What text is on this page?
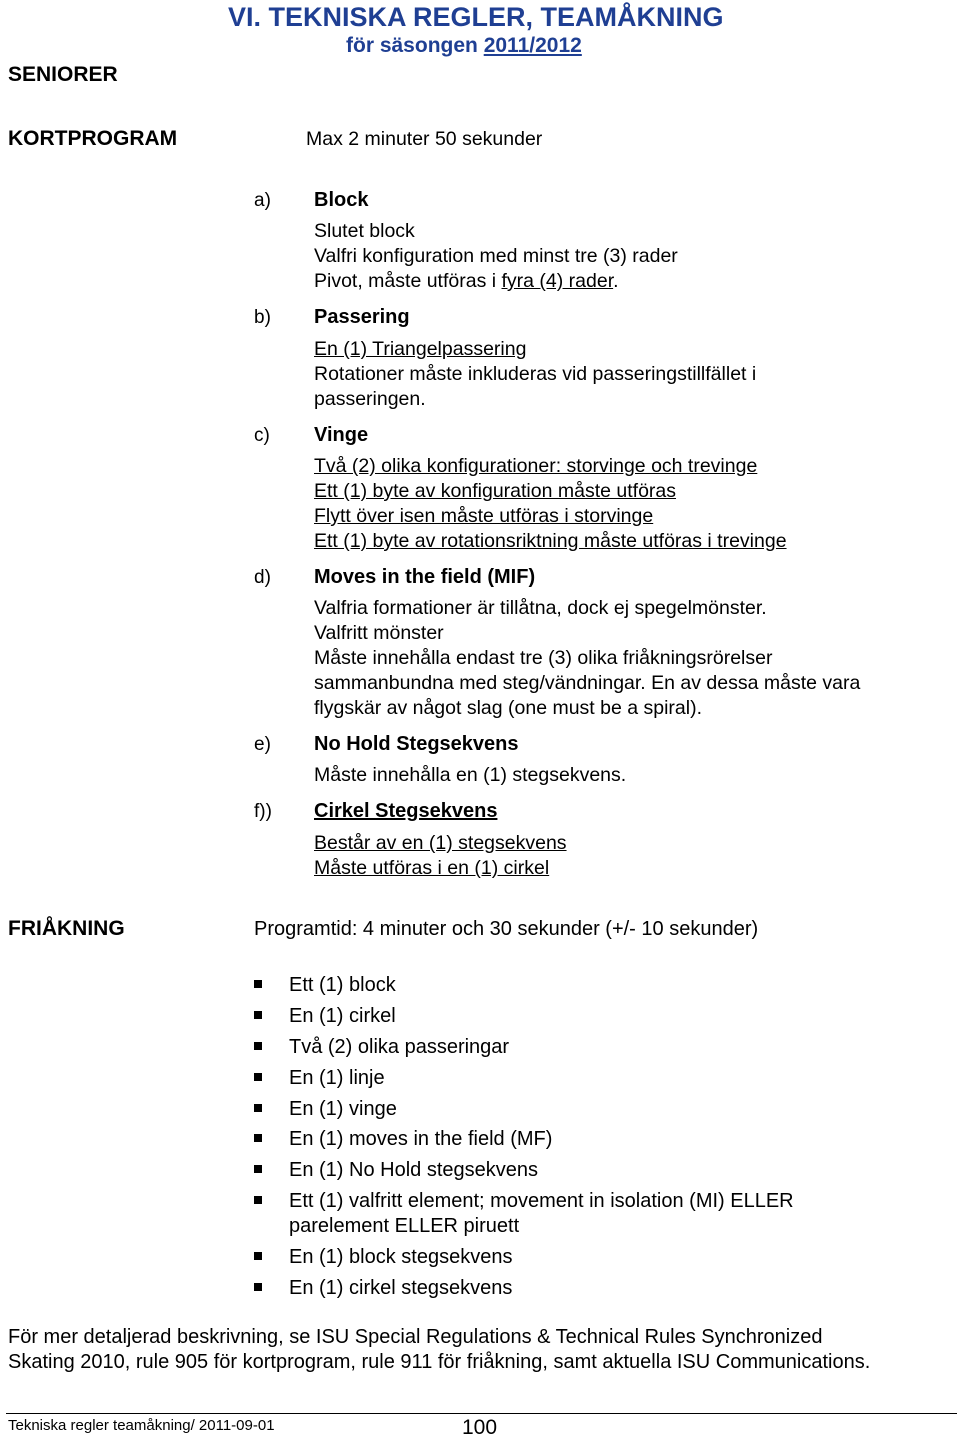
VI. TEKNISKA REGLER, TEAMÅKNING
för säsongen 2011/2012
SENIORER
KORTPROGRAM
FRIÅKNING
Max 2 minuter 50 sekunder
a) Block
Slutet block
Valfri konfiguration med minst tre (3) rader
Pivot, måste utföras i fyra (4) rader.
b) Passering
En (1) Triangelpassering
Rotationer måste inkluderas vid passeringstillfället i
passeringen.
c) Vinge
Två (2) olika konfigurationer: storvinge och trevinge
Ett (1) byte av konfiguration måste utföras
Flytt över isen måste utföras i storvinge
Ett (1) byte av rotationsriktning måste utföras i trevinge
d) Moves in the field (MIF)
Valfria formationer är tillåtna, dock ej spegelmönster.
Valfritt mönster
Måste innehålla endast tre (3) olika friåkningsrörelser
sammanbundna med steg/vändningar. En av dessa måste vara
flygskär av något slag (one must be a spiral).
e) No Hold Stegsekvens
Måste innehålla en (1) stegsekvens.
f)) Cirkel Stegsekvens
Består av en (1) stegsekvens
Måste utföras i en (1) cirkel
Programtid: 4 minuter och 30 sekunder (+/- 10 sekunder)
Ett (1) block
En (1) cirkel
Två (2) olika passeringar
En (1) linje
En (1) vinge
En (1) moves in the field (MF)
En (1) No Hold stegsekvens
Ett (1) valfritt element; movement in isolation (MI) ELLER
parelement ELLER piruett
En (1) block stegsekvens
En (1) cirkel stegsekvens
För mer detaljerad beskrivning, se ISU Special Regulations & Technical Rules Synchronized
Skating 2010, rule 905 för kortprogram, rule 911 för friåkning, samt aktuella ISU Communications.
Tekniska regler teamåkning/ 2011-09-01	100
